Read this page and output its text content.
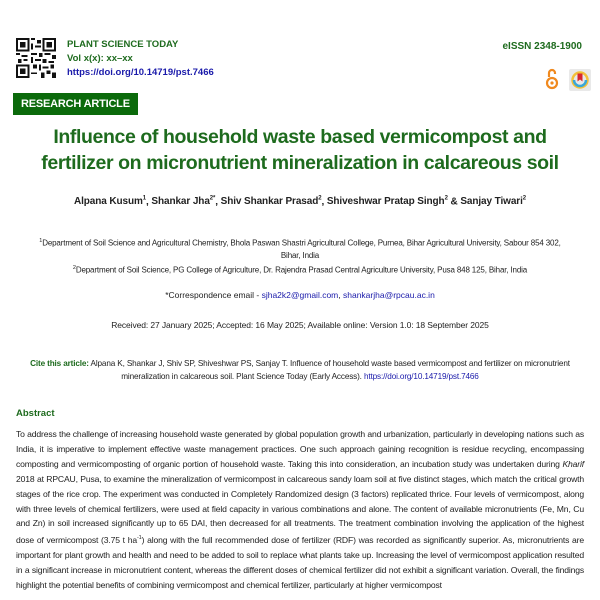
PLANT SCIENCE TODAY
Vol x(x): xx–xx
https://doi.org/10.14719/pst.7466
eISSN 2348-1900
RESEARCH ARTICLE
Influence of household waste based vermicompost and fertilizer on micronutrient mineralization in calcareous soil
Alpana Kusum$^1$, Shankar Jha$^{2*}$, Shiv Shankar Prasad$^2$, Shiveshwar Pratap Singh$^2$ & Sanjay Tiwari$^2$
$^1$Department of Soil Science and Agricultural Chemistry, Bhola Paswan Shastri Agricultural College, Purnea, Bihar Agricultural University, Sabour 854 302, Bihar, India
$^2$Department of Soil Science, PG College of Agriculture, Dr. Rajendra Prasad Central Agriculture University, Pusa 848 125, Bihar, India
*Correspondence email - sjha2k2@gmail.com, shankarjha@rpcau.ac.in
Received: 27 January 2025; Accepted: 16 May 2025; Available online: Version 1.0: 18 September 2025
Cite this article: Alpana K, Shankar J, Shiv SP, Shiveshwar PS, Sanjay T. Influence of household waste based vermicompost and fertilizer on micronutrient mineralization in calcareous soil. Plant Science Today (Early Access). https://doi.org/10.14719/pst.7466
Abstract

To address the challenge of increasing household waste generated by global population growth and urbanization, particularly in developing nations such as India, it is imperative to implement effective waste management practices. One such approach gaining recognition is residue recycling, encompassing composting and vermicomposting of organic portion of household waste. Taking this into consideration, an incubation study was undertaken during Kharif 2018 at RPCAU, Pusa, to examine the mineralization of vermicompost in calcareous sandy loam soil at five distinct stages, which match the critical growth stages of the rice crop. The experiment was conducted in Completely Randomized design (3 factors) replicated thrice. Four levels of vermicompost, along with three levels of chemical fertilizers, were used at field capacity in various combinations and alone. The content of available micronutrients (Fe, Mn, Cu and Zn) in soil increased significantly up to 65 DAI, then decreased for all treatments. The treatment combination involving the application of the highest dose of vermicompost (3.75 t $ha^{-1}$) along with the full recommended dose of fertilizer (RDF) was recorded as significantly superior. As, micronutrients are important for plant growth and health and need to be added to soil to replace what plants take up. Increasing the level of vermicompost application resulted in a significant increase in micronutrient content, whereas the different doses of chemical fertilizer did not exhibit a significant variation. Overall, the findings highlight the potential benefits of combining vermicompost and chemical fertilizer, particularly at higher vermicompost
